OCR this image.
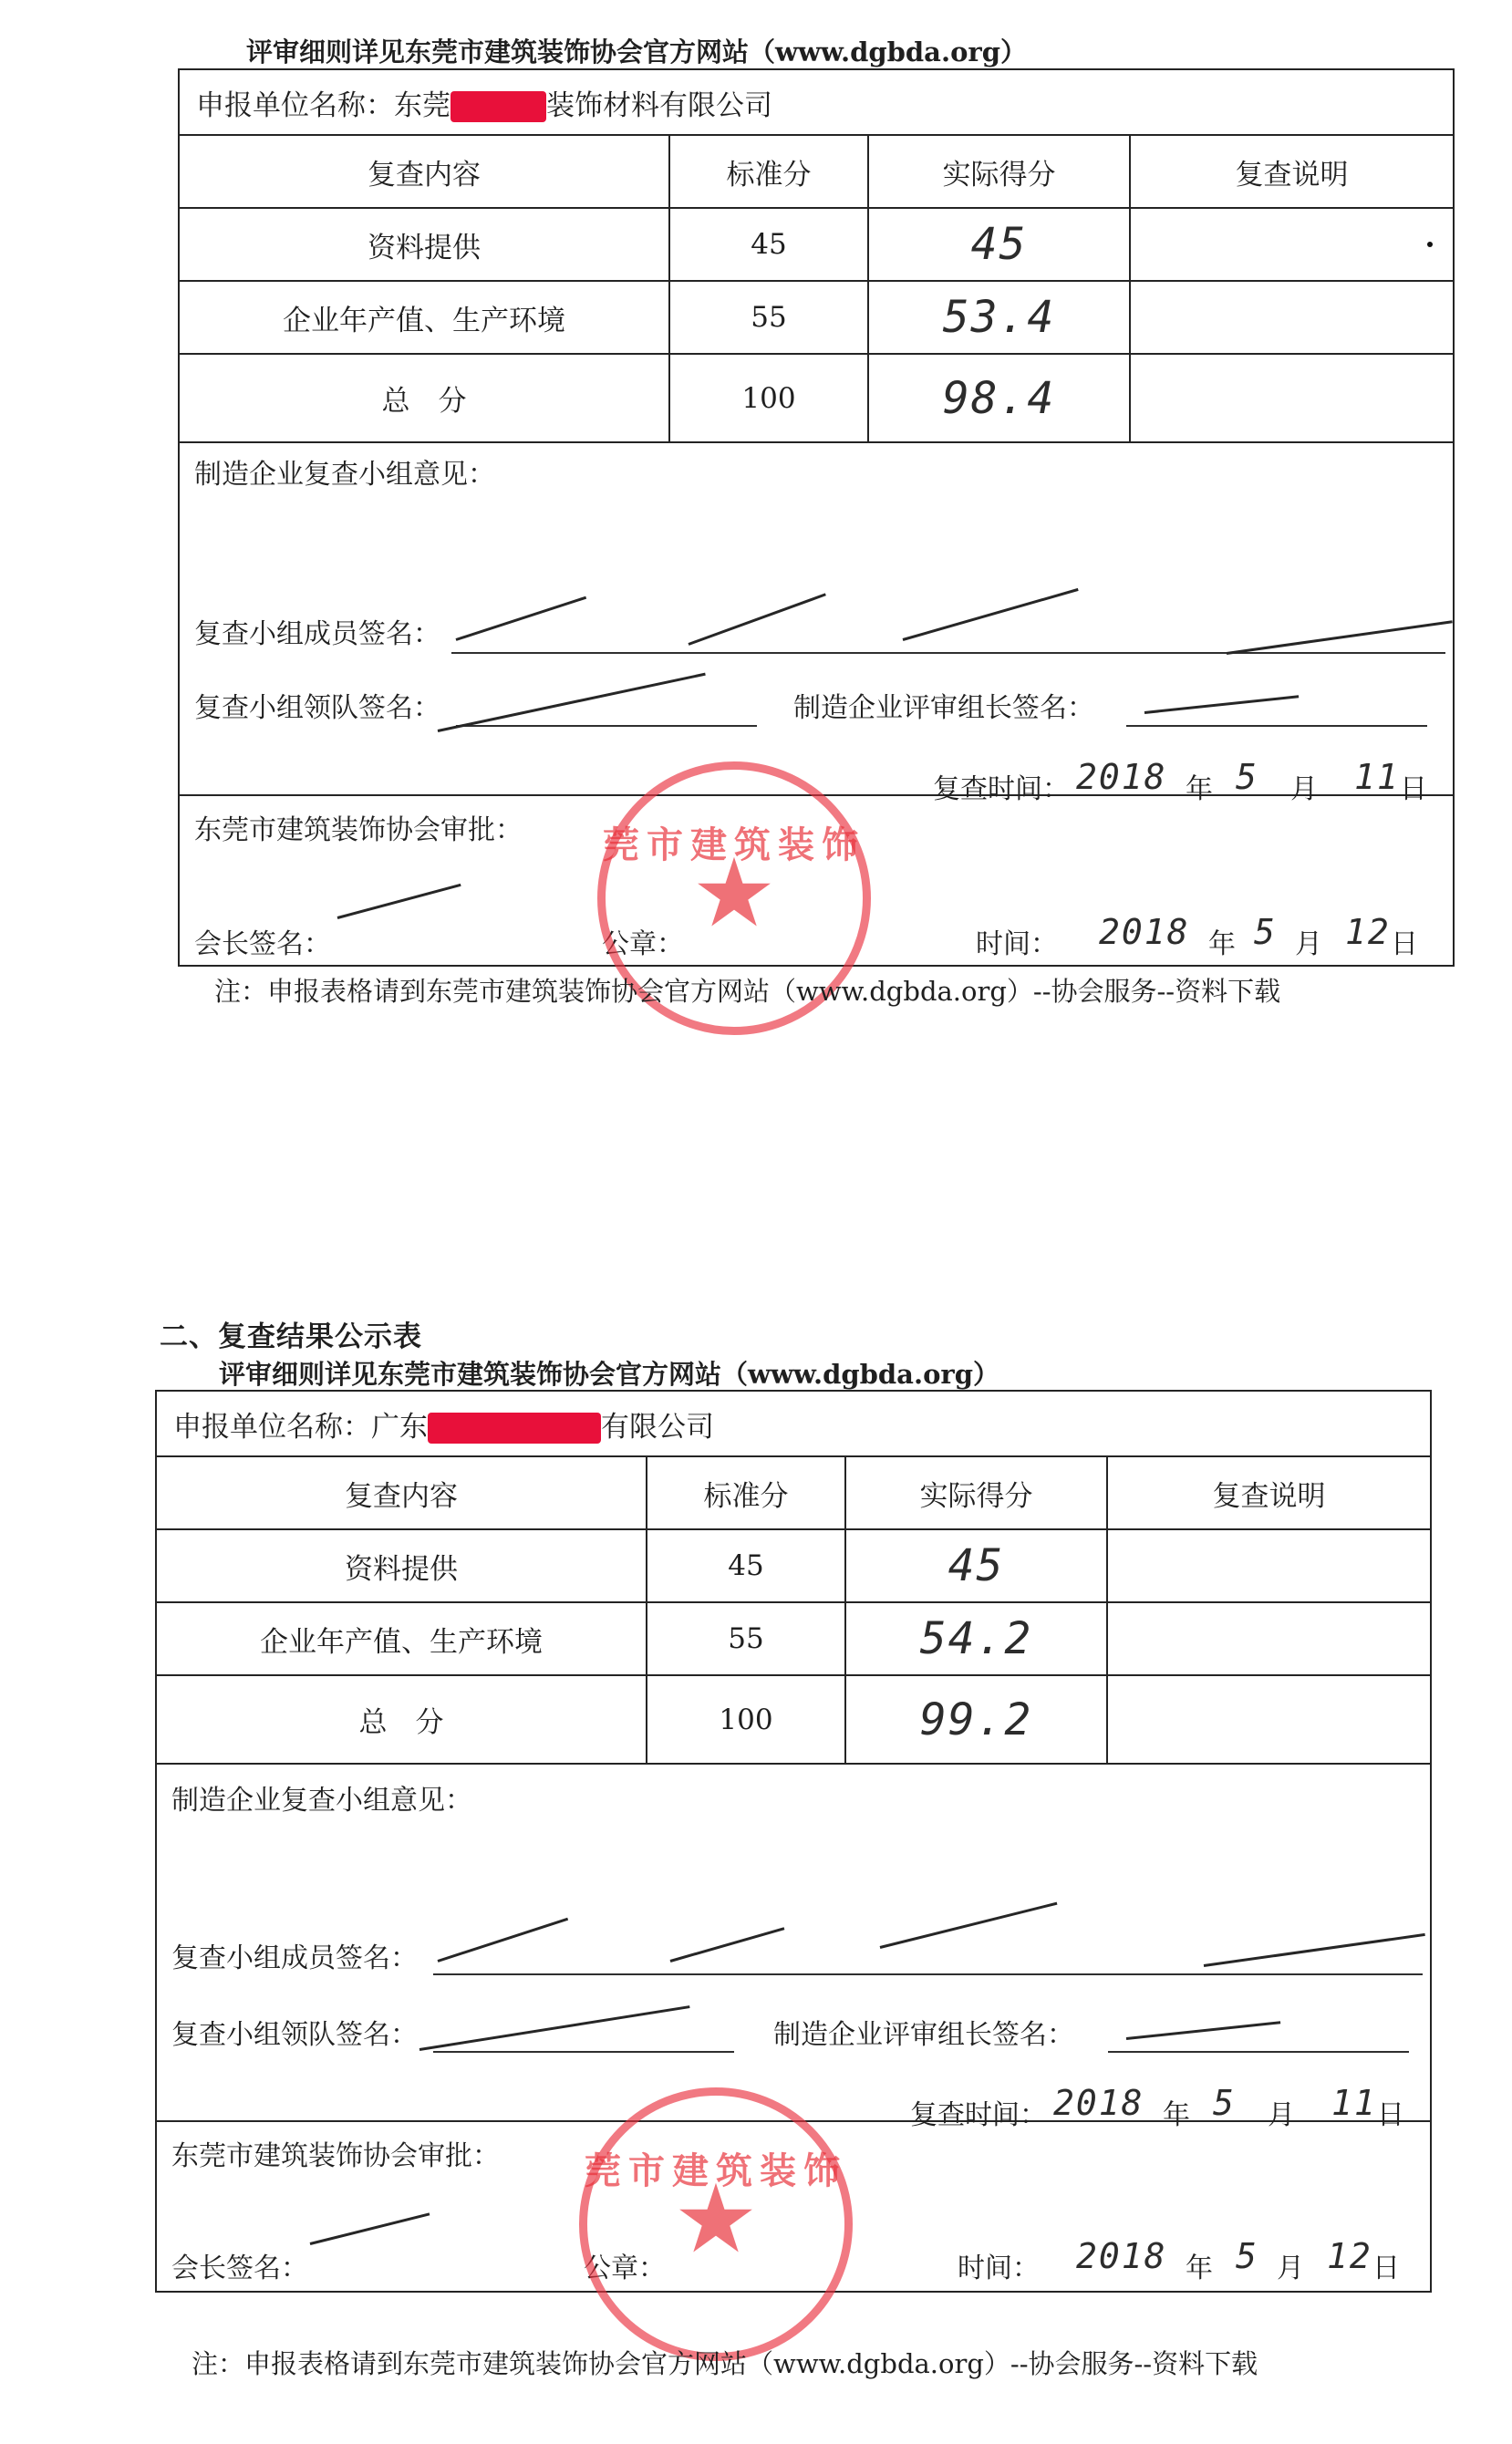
评审细则详见东莞市建筑装饰协会官方网站（www.dgbda.org）
申报单位名称：东莞 装饰材料有限公司			
复查内容	标准分	实际得分	复查说明
资料提供	45	45	
企业年产值、生产环境	55	53.4	
总　分	100	98.4	

制造企业复查小组意见：
复查小组成员签名：
复查小组领队签名：	制造企业评审组长签名：
复查时间： 2018 年 5 月 11 日
东莞市建筑装饰协会审批：
会长签名：	公章：	时间： 2018 年 5 月 12 日
莞市建筑装饰
★
注：申报表格请到东莞市建筑装饰协会官方网站（www.dgbda.org）--协会服务--资料下载
二、复查结果公示表
评审细则详见东莞市建筑装饰协会官方网站（www.dgbda.org）
申报单位名称：广东 有限公司			
复查内容	标准分	实际得分	复查说明
资料提供	45	45	
企业年产值、生产环境	55	54.2	
总　分	100	99.2	

制造企业复查小组意见：
复查小组成员签名：
复查小组领队签名：	制造企业评审组长签名：
复查时间： 2018 年 5 月 11 日
东莞市建筑装饰协会审批：
会长签名：	公章：	时间： 2018 年 5 月 12 日
莞市建筑装饰
★
注：申报表格请到东莞市建筑装饰协会官方网站（www.dgbda.org）--协会服务--资料下载
